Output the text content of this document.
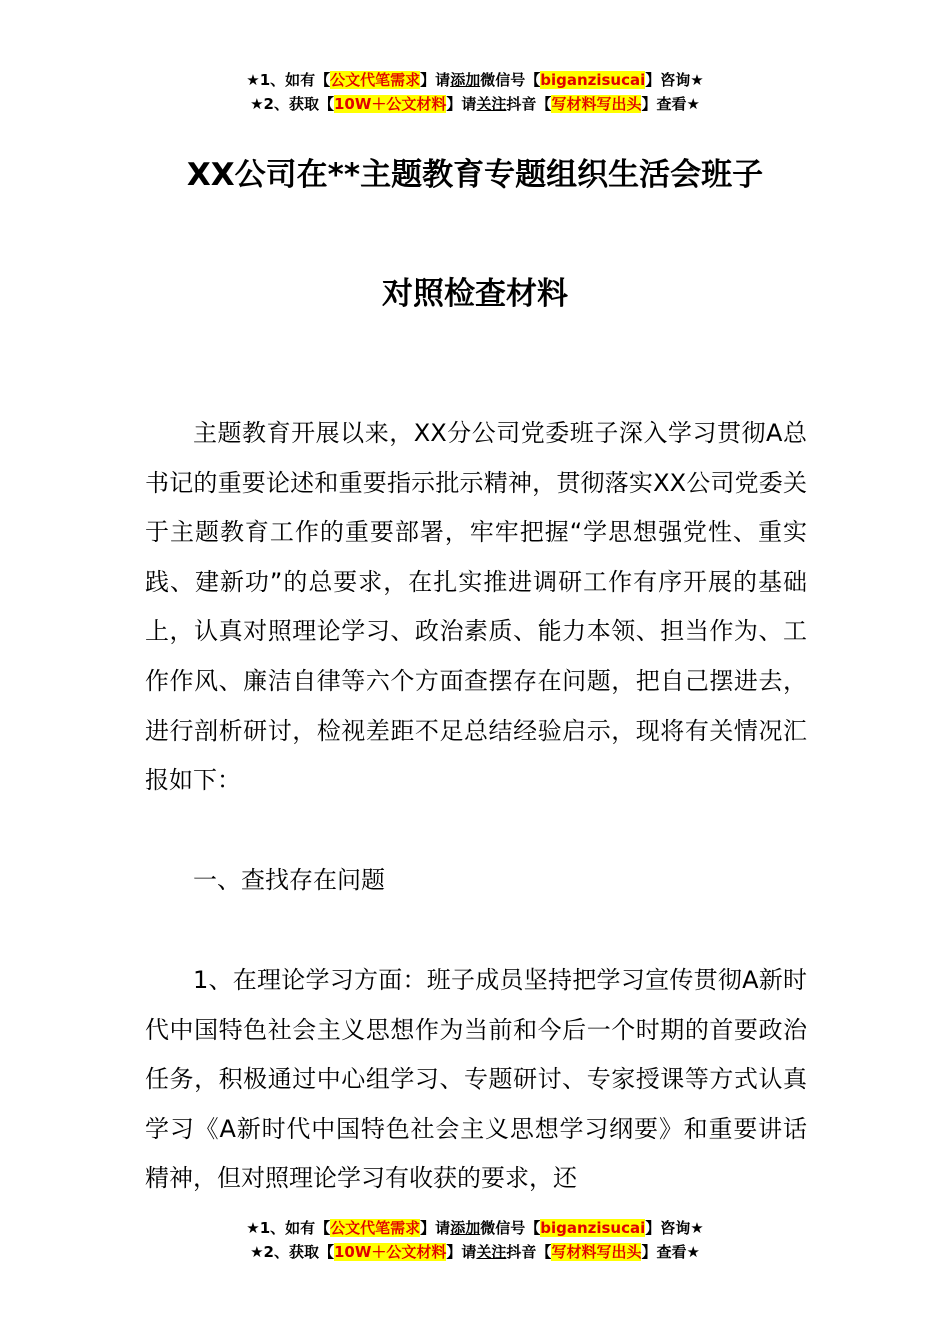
★1、如有【公文代笔需求】请添加微信号【biganzisucai】咨询★
★2、获取【10W＋公文材料】请关注抖音【写材料写出头】查看★
XX公司在**主题教育专题组织生活会班子
对照检查材料

主题教育开展以来，XX分公司党委班子深入学习贯彻A总书记的重要论述和重要指示批示精神，贯彻落实XX公司党委关于主题教育工作的重要部署，牢牢把握“学思想强党性、重实践、建新功”的总要求，在扎实推进调研工作有序开展的基础上，认真对照理论学习、政治素质、能力本领、担当作为、工作作风、廉洁自律等六个方面查摆存在问题，把自己摆进去，进行剖析研讨，检视差距不足总结经验启示，现将有关情况汇报如下：

一、查找存在问题

1、在理论学习方面：班子成员坚持把学习宣传贯彻A新时代中国特色社会主义思想作为当前和今后一个时期的首要政治任务，积极通过中心组学习、专题研讨、专家授课等方式认真学习《A新时代中国特色社会主义思想学习纲要》和重要讲话精神，但对照理论学习有收获的要求，还

★1、如有【公文代笔需求】请添加微信号【biganzisucai】咨询★
★2、获取【10W＋公文材料】请关注抖音【写材料写出头】查看★
